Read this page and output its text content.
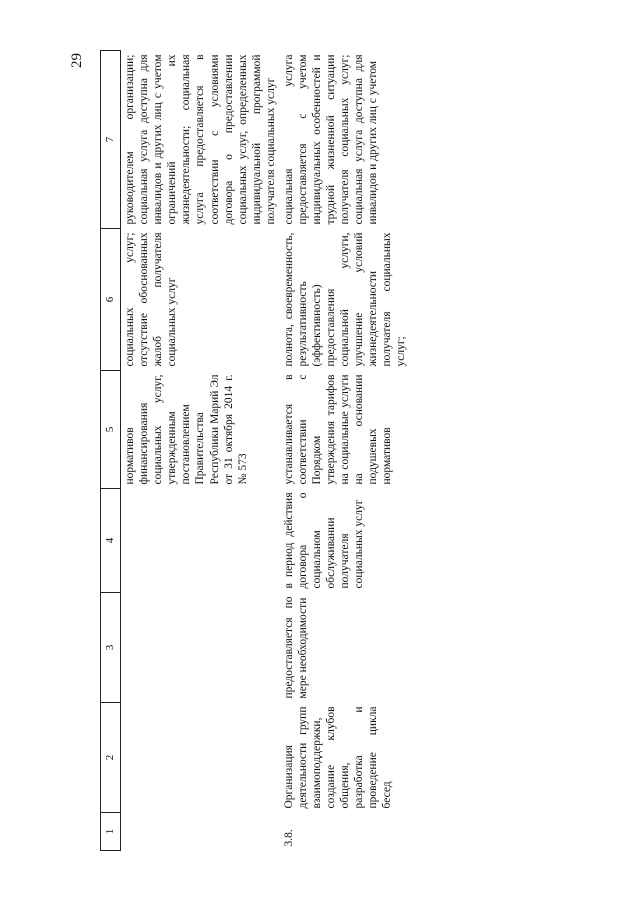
29
1	2	3	4	5	6	7
				нормативов финансирования социальных услуг, утвержденным постановлением Правительства Республики Марий Эл от 31 октября 2014 г. № 573	социальных услуг; отсутствие обоснованных жалоб получателя социальных услуг	руководителем организации; социальная услуга доступна для инвалидов и других лиц с учетом ограничений их жизнедеятельности; социальная услуга предоставляется в соответствии с условиями договора о предоставлении социальных услуг, определенных индивидуальной программой получателя социальных услуг
3.8.	Организация деятельности групп взаимоподдержки, создание клубов общения, разработка и проведение цикла бесед	предоставляется по мере необходимости	в период действия договора о социальном обслуживании получателя социальных услуг	устанавливается в соответствии с Порядком утверждения тарифов на социальные услуги на основании подушевых нормативов	полнота, своевременность, результативность (эффективность) предоставления социальной услуги, улучшение условий жизнедеятельности получателя социальных услуг;	социальная услуга предоставляется с учетом индивидуальных особенностей и трудной жизненной ситуации получателя социальных услуг; социальная услуга доступна для инвалидов и других лиц с учетом
